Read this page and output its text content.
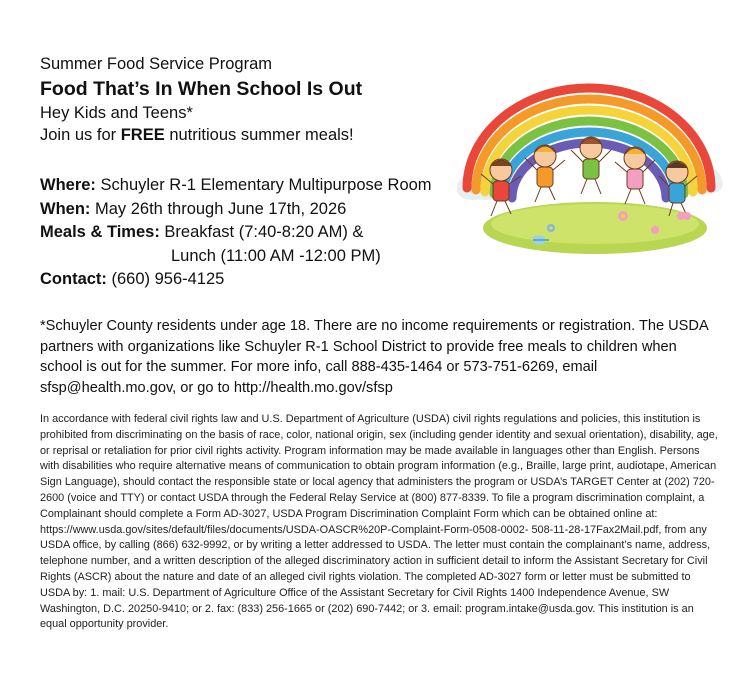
Summer Food Service Program
Food That’s In When School Is Out
Hey Kids and Teens*
Join us for FREE nutritious summer meals!
Where: Schuyler R-1 Elementary Multipurpose Room
When: May 26th through June 17th, 2026
Meals & Times: Breakfast (7:40-8:20 AM) &
Lunch (11:00 AM -12:00 PM)
Contact: (660) 956-4125
*Schuyler County residents under age 18. There are no income requirements or registration. The USDA partners with organizations like Schuyler R-1 School District to provide free meals to children when school is out for the summer. For more info, call 888-435-1464 or 573-751-6269, email sfsp@health.mo.gov, or go to http://health.mo.gov/sfsp
In accordance with federal civil rights law and U.S. Department of Agriculture (USDA) civil rights regulations and policies, this institution is prohibited from discriminating on the basis of race, color, national origin, sex (including gender identity and sexual orientation), disability, age, or reprisal or retaliation for prior civil rights activity. Program information may be made available in languages other than English. Persons with disabilities who require alternative means of communication to obtain program information (e.g., Braille, large print, audiotape, American Sign Language), should contact the responsible state or local agency that administers the program or USDA’s TARGET Center at (202) 720-2600 (voice and TTY) or contact USDA through the Federal Relay Service at (800) 877-8339. To file a program discrimination complaint, a Complainant should complete a Form AD-3027, USDA Program Discrimination Complaint Form which can be obtained online at: https://www.usda.gov/sites/default/files/documents/USDA-OASCR%20P-Complaint-Form-0508-0002- 508-11-28-17Fax2Mail.pdf, from any USDA office, by calling (866) 632-9992, or by writing a letter addressed to USDA. The letter must contain the complainant’s name, address, telephone number, and a written description of the alleged discriminatory action in sufficient detail to inform the Assistant Secretary for Civil Rights (ASCR) about the nature and date of an alleged civil rights violation. The completed AD-3027 form or letter must be submitted to USDA by: 1. mail: U.S. Department of Agriculture Office of the Assistant Secretary for Civil Rights 1400 Independence Avenue, SW Washington, D.C. 20250-9410; or 2. fax: (833) 256-1665 or (202) 690-7442; or 3. email: program.intake@usda.gov. This institution is an equal opportunity provider.
